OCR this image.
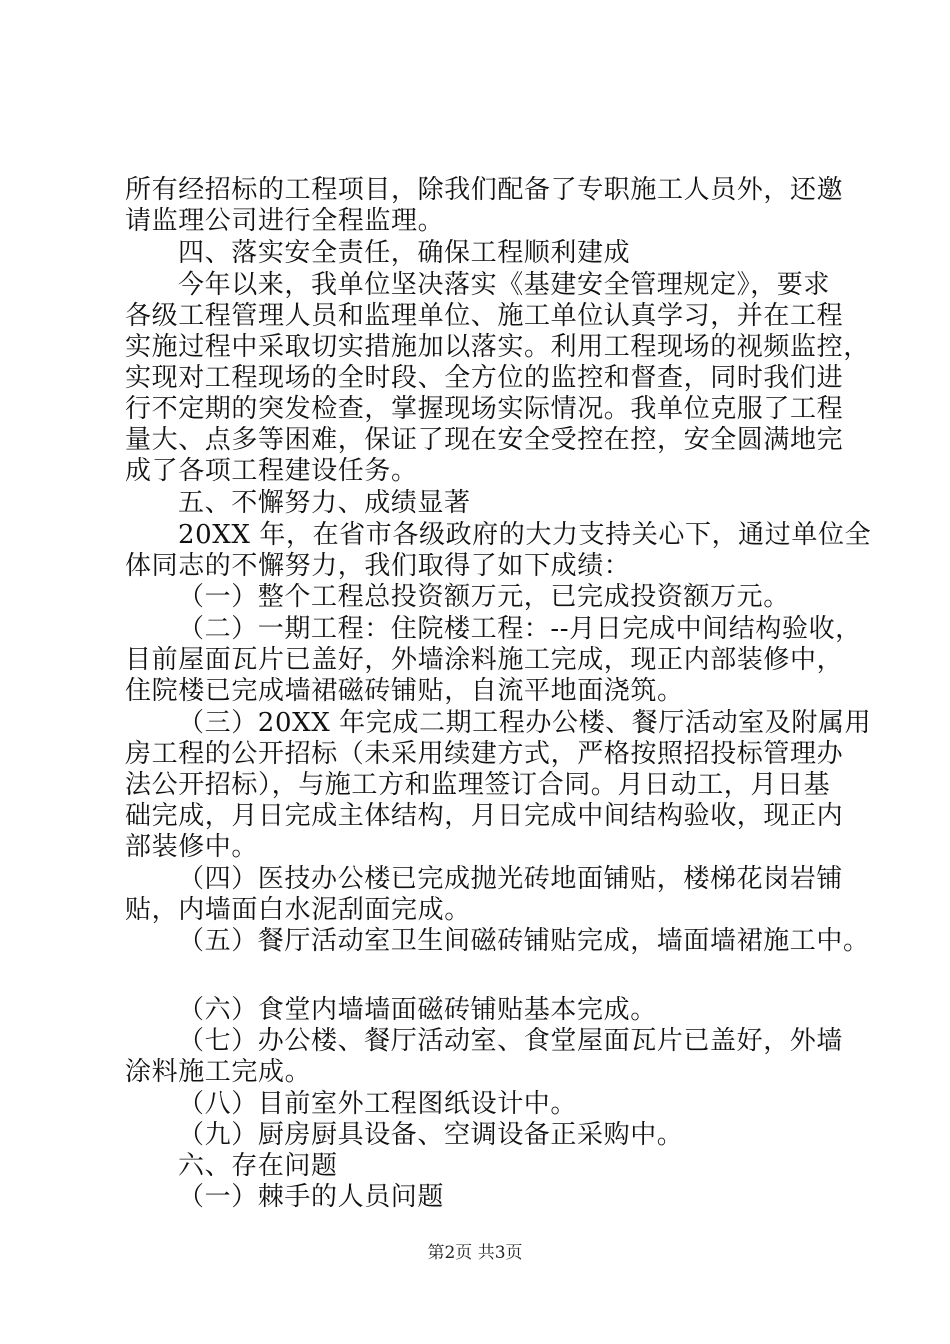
所有经招标的工程项目，除我们配备了专职施工人员外，还邀
请监理公司进行全程监理。
四、落实安全责任，确保工程顺利建成
今年以来，我单位坚决落实《基建安全管理规定》，要求
各级工程管理人员和监理单位、施工单位认真学习，并在工程
实施过程中采取切实措施加以落实。利用工程现场的视频监控，
实现对工程现场的全时段、全方位的监控和督查，同时我们进
行不定期的突发检查，掌握现场实际情况。我单位克服了工程
量大、点多等困难，保证了现在安全受控在控，安全圆满地完
成了各项工程建设任务。
五、不懈努力、成绩显著
20XX 年，在省市各级政府的大力支持关心下，通过单位全
体同志的不懈努力，我们取得了如下成绩：
（一）整个工程总投资额万元，已完成投资额万元。
（二）一期工程：住院楼工程：--月日完成中间结构验收，
目前屋面瓦片已盖好，外墙涂料施工完成，现正内部装修中，
住院楼已完成墙裙磁砖铺贴，自流平地面浇筑。
（三）20XX 年完成二期工程办公楼、餐厅活动室及附属用
房工程的公开招标（未采用续建方式，严格按照招投标管理办
法公开招标），与施工方和监理签订合同。月日动工，月日基
础完成，月日完成主体结构，月日完成中间结构验收，现正内
部装修中。
（四）医技办公楼已完成抛光砖地面铺贴，楼梯花岗岩铺
贴，内墙面白水泥刮面完成。
（五）餐厅活动室卫生间磁砖铺贴完成，墙面墙裙施工中。
（六）食堂内墙墙面磁砖铺贴基本完成。
（七）办公楼、餐厅活动室、食堂屋面瓦片已盖好，外墙
涂料施工完成。
（八）目前室外工程图纸设计中。
（九）厨房厨具设备、空调设备正采购中。
六、存在问题
（一）棘手的人员问题
第2页 共3页
